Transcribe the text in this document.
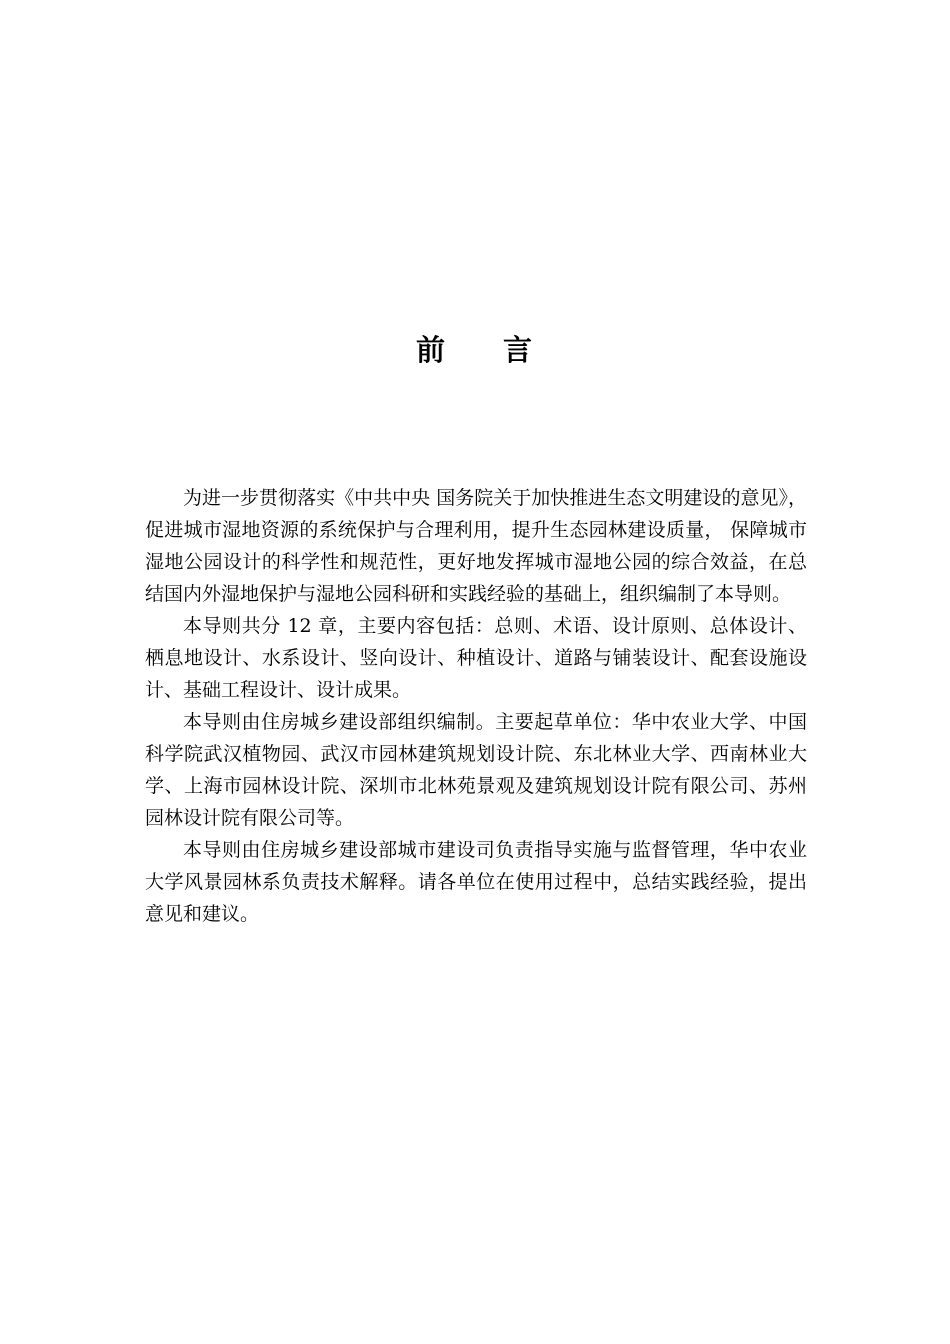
前 言

为进一步贯彻落实《中共中央 国务院关于加快推进生态文明建设的意见》，促进城市湿地资源的系统保护与合理利用，提升生态园林建设质量， 保障城市湿地公园设计的科学性和规范性，更好地发挥城市湿地公园的综合效益，在总结国内外湿地保护与湿地公园科研和实践经验的基础上，组织编制了本导则。

本导则共分 12 章，主要内容包括：总则、术语、设计原则、总体设计、栖息地设计、水系设计、竖向设计、种植设计、道路与铺装设计、配套设施设计、基础工程设计、设计成果。

本导则由住房城乡建设部组织编制。主要起草单位：华中农业大学、中国科学院武汉植物园、武汉市园林建筑规划设计院、东北林业大学、西南林业大学、上海市园林设计院、深圳市北林苑景观及建筑规划设计院有限公司、苏州园林设计院有限公司等。

本导则由住房城乡建设部城市建设司负责指导实施与监督管理，华中农业大学风景园林系负责技术解释。请各单位在使用过程中，总结实践经验，提出意见和建议。
